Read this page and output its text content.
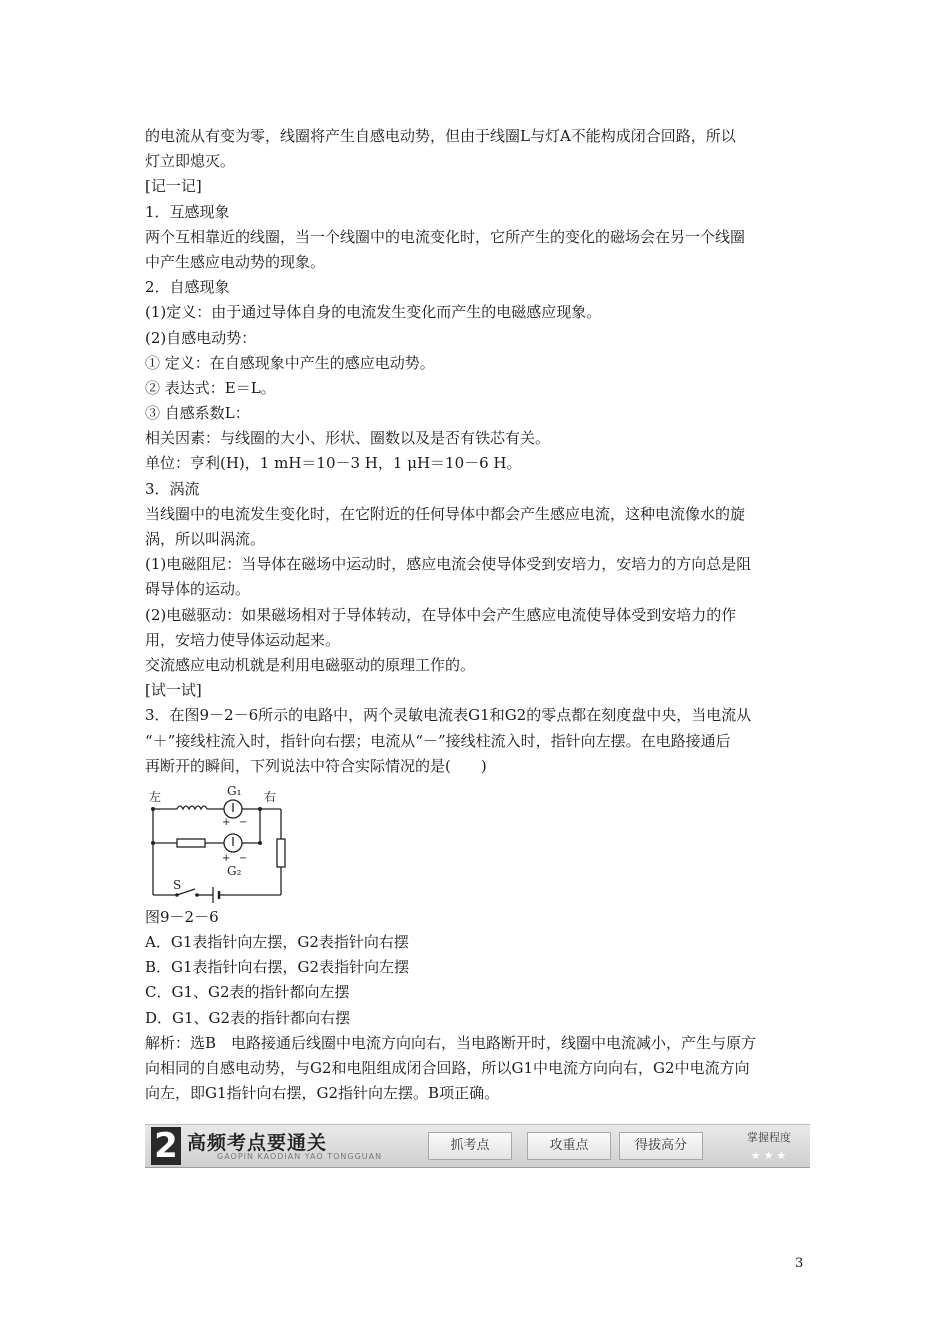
的电流从有变为零，线圈将产生自感电动势，但由于线圈L与灯A不能构成闭合回路，所以
灯立即熄灭。
[记一记]
1．互感现象
两个互相靠近的线圈，当一个线圈中的电流变化时，它所产生的变化的磁场会在另一个线圈
中产生感应电动势的现象。
2．自感现象
(1)定义：由于通过导体自身的电流发生变化而产生的电磁感应现象。
(2)自感电动势：
① 定义：在自感现象中产生的感应电动势。
② 表达式：E＝L。
③ 自感系数L：
相关因素：与线圈的大小、形状、圈数以及是否有铁芯有关。
单位：亨利(H)，1 mH＝10－3 H，1 μH＝10－6 H。
3．涡流
当线圈中的电流发生变化时，在它附近的任何导体中都会产生感应电流，这种电流像水的旋
涡，所以叫涡流。
(1)电磁阻尼：当导体在磁场中运动时，感应电流会使导体受到安培力，安培力的方向总是阻
碍导体的运动。
(2)电磁驱动：如果磁场相对于导体转动，在导体中会产生感应电流使导体受到安培力的作
用，安培力使导体运动起来。
交流感应电动机就是利用电磁驱动的原理工作的。
[试一试]
3．在图9－2－6所示的电路中，两个灵敏电流表G1和G2的零点都在刻度盘中央，当电流从
“＋”接线柱流入时，指针向右摆；电流从“－”接线柱流入时，指针向左摆。在电路接通后
再断开的瞬间，下列说法中符合实际情况的是(　　)
左	右
G₁
+ −
+ −
G₂
S
图9－2－6
A．G1表指针向左摆，G2表指针向右摆
B．G1表指针向右摆，G2表指针向左摆
C．G1、G2表的指针都向左摆
D．G1、G2表的指针都向右摆
解析：选B　电路接通后线圈中电流方向向右，当电路断开时，线圈中电流减小，产生与原方
向相同的自感电动势，与G2和电阻组成闭合回路，所以G1中电流方向向右，G2中电流方向
向左，即G1指针向右摆，G2指针向左摆。B项正确。
2 高频考点要通关
GAOPIN KAODIAN YAO TONGGUAN
抓考点	攻重点	得拔高分
掌握程度
★★★
3
